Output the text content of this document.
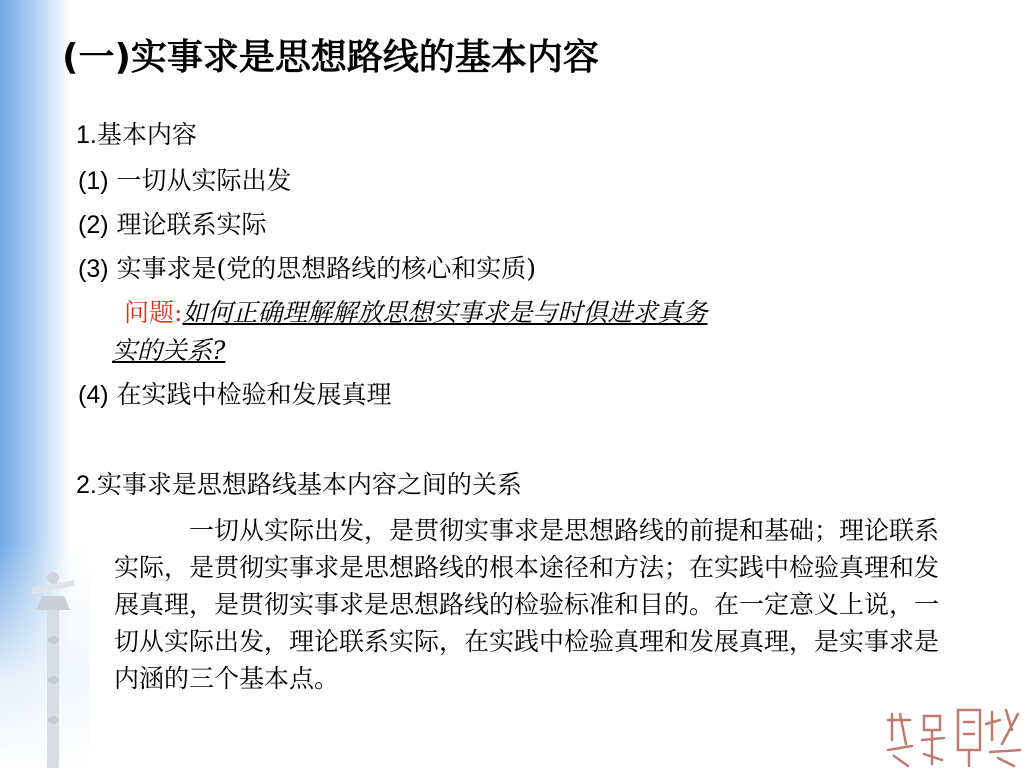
(一)实事求是思想路线的基本内容
1.基本内容
(1) 一切从实际出发
(2) 理论联系实际
(3) 实事求是(党的思想路线的核心和实质)
问题:如何正确理解解放思想实事求是与时俱进求真务
实的关系?
(4) 在实践中检验和发展真理
2.实事求是思想路线基本内容之间的关系

一切从实际出发，是贯彻实事求是思想路线的前提和基础；理论联系实际，是贯彻实事求是思想路线的根本途径和方法；在实践中检验真理和发展真理，是贯彻实事求是思想路线的检验标准和目的。在一定意义上说，一切从实际出发，理论联系实际，在实践中检验真理和发展真理，是实事求是内涵的三个基本点。
